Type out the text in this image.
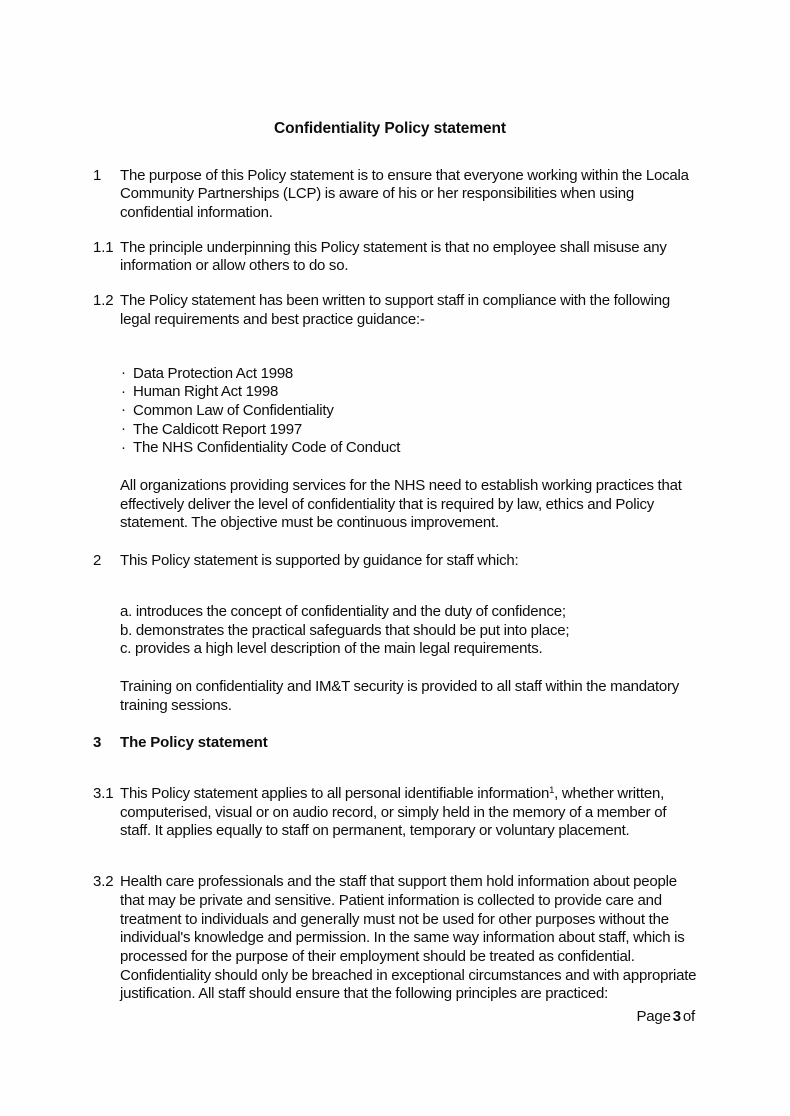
Confidentiality Policy statement
1	The purpose of this Policy statement is to ensure that everyone working within the Locala Community Partnerships (LCP) is aware of his or her responsibilities when using confidential information.
1.1 The principle underpinning this Policy statement is that no employee shall misuse any information or allow others to do so.
1.2 The Policy statement has been written to support staff in compliance with the following legal requirements and best practice guidance:-
· Data Protection Act 1998
· Human Right Act 1998
· Common Law of Confidentiality
· The Caldicott Report 1997
· The NHS Confidentiality Code of Conduct
All organizations providing services for the NHS need to establish working practices that effectively deliver the level of confidentiality that is required by law, ethics and Policy statement. The objective must be continuous improvement.
2	This Policy statement is supported by guidance for staff which:
a. introduces the concept of confidentiality and the duty of confidence;
b. demonstrates the practical safeguards that should be put into place;
c. provides a high level description of the main legal requirements.
Training on confidentiality and IM&T security is provided to all staff within the mandatory training sessions.
3	The Policy statement
3.1 This Policy statement applies to all personal identifiable information$^1$, whether written, computerised, visual or on audio record, or simply held in the memory of a member of staff. It applies equally to staff on permanent, temporary or voluntary placement.
3.2 Health care professionals and the staff that support them hold information about people that may be private and sensitive. Patient information is collected to provide care and treatment to individuals and generally must not be used for other purposes without the individual's knowledge and permission. In the same way information about staff, which is processed for the purpose of their employment should be treated as confidential. Confidentiality should only be breached in exceptional circumstances and with appropriate justification. All staff should ensure that the following principles are practiced:
Page 3 of
